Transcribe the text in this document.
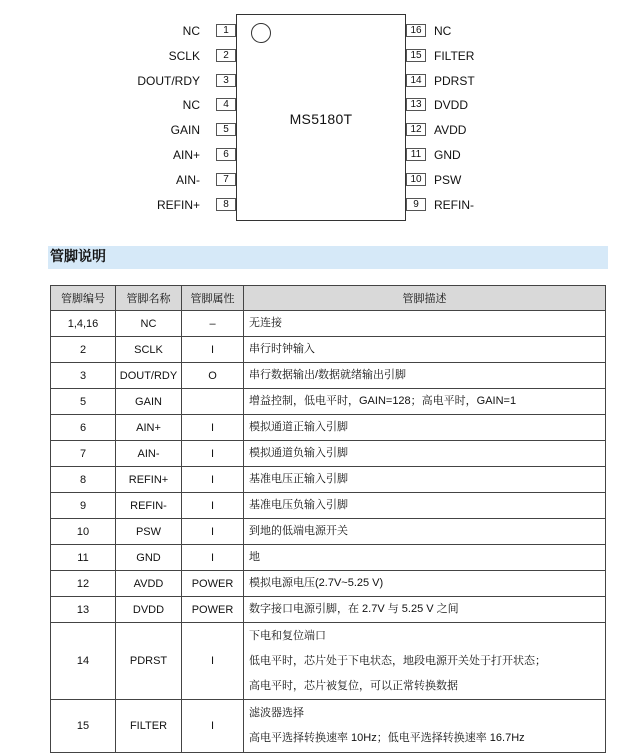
NC	1
SCLK	2
DOUT/RDY	3
NC	4
GAIN	5
AIN+	6
AIN-	7
REFIN+	8
MS5180T
NC
16
FILTER
15
PDRST
14
DVDD
13
AVDD
12
GND
11
PSW
10
REFIN-
9
管脚说明
管脚编号	管脚名称	管脚属性	管脚描述
1,4,16	NC	–	无连接

2	SCLK	I	串行时钟输入

3	DOUT/RDY	O	串行数据输出/数据就绪输出引脚

5	GAIN		增益控制，低电平时，GAIN=128；高电平时，GAIN=1

6	AIN+	I	模拟通道正输入引脚

7	AIN-	I	模拟通道负输入引脚

8	REFIN+	I	基准电压正输入引脚

9	REFIN-	I	基准电压负输入引脚

10	PSW	I	到地的低端电源开关

11	GND	I	地

12	AVDD	POWER	模拟电源电压(2.7V~5.25 V)

13	DVDD	POWER	数字接口电源引脚，在 2.7V 与 5.25 V 之间

14	PDRST	I	下电和复位端口
低电平时，芯片处于下电状态，地段电源开关处于打开状态；
高电平时，芯片被复位，可以正常转换数据

15	FILTER	I	滤波器选择
高电平选择转换速率 10Hz；低电平选择转换速率 16.7Hz
